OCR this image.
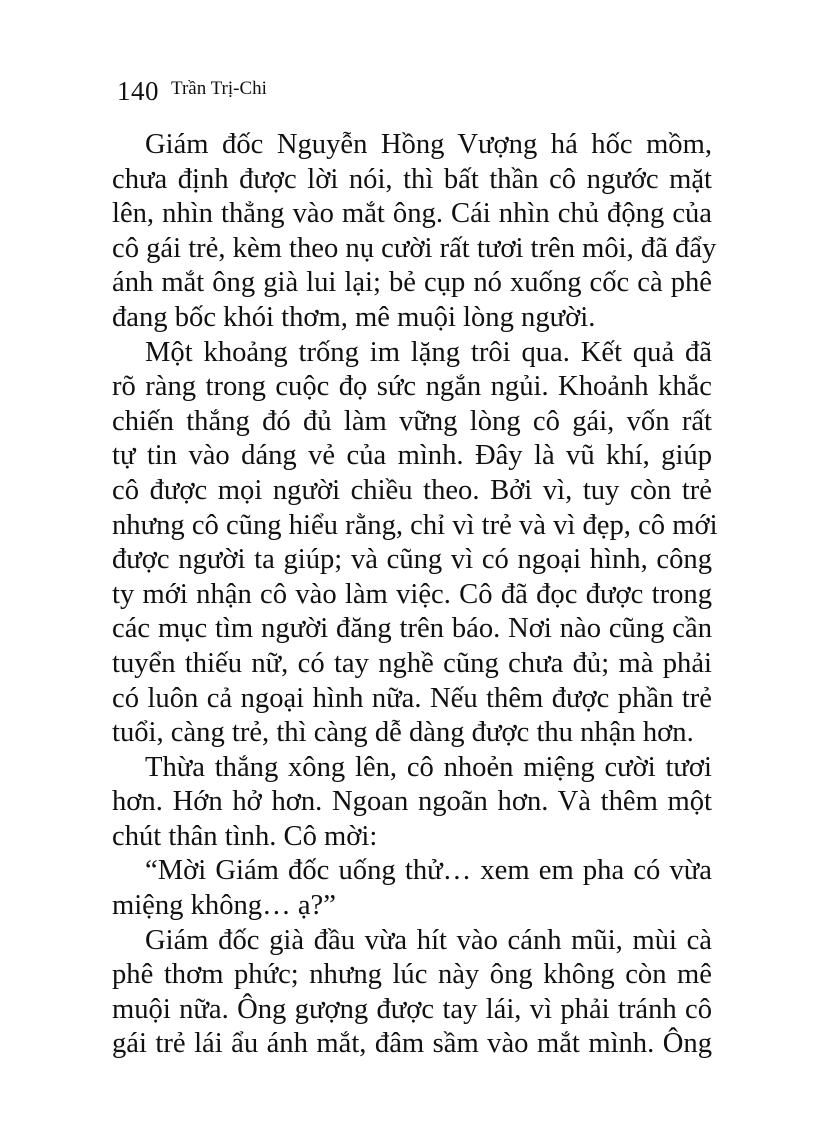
140 Trần Trị-Chi
Giám đốc Nguyễn Hồng Vượng há hốc mồm,
chưa định được lời nói, thì bất thần cô ngước mặt
lên, nhìn thẳng vào mắt ông. Cái nhìn chủ động của
cô gái trẻ, kèm theo nụ cười rất tươi trên môi, đã đẩy
ánh mắt ông già lui lại; bẻ cụp nó xuống cốc cà phê
đang bốc khói thơm, mê muội lòng người.
Một khoảng trống im lặng trôi qua. Kết quả đã
rõ ràng trong cuộc đọ sức ngắn ngủi. Khoảnh khắc
chiến thắng đó đủ làm vững lòng cô gái, vốn rất
tự tin vào dáng vẻ của mình. Đây là vũ khí, giúp
cô được mọi người chiều theo. Bởi vì, tuy còn trẻ
nhưng cô cũng hiểu rằng, chỉ vì trẻ và vì đẹp, cô mới
được người ta giúp; và cũng vì có ngoại hình, công
ty mới nhận cô vào làm việc. Cô đã đọc được trong
các mục tìm người đăng trên báo. Nơi nào cũng cần
tuyển thiếu nữ, có tay nghề cũng chưa đủ; mà phải
có luôn cả ngoại hình nữa. Nếu thêm được phần trẻ
tuổi, càng trẻ, thì càng dễ dàng được thu nhận hơn.
Thừa thắng xông lên, cô nhoẻn miệng cười tươi
hơn. Hớn hở hơn. Ngoan ngoãn hơn. Và thêm một
chút thân tình. Cô mời:
“Mời Giám đốc uống thử… xem em pha có vừa
miệng không… ạ?”
Giám đốc già đầu vừa hít vào cánh mũi, mùi cà
phê thơm phức; nhưng lúc này ông không còn mê
muội nữa. Ông gượng được tay lái, vì phải tránh cô
gái trẻ lái ẩu ánh mắt, đâm sầm vào mắt mình. Ông
